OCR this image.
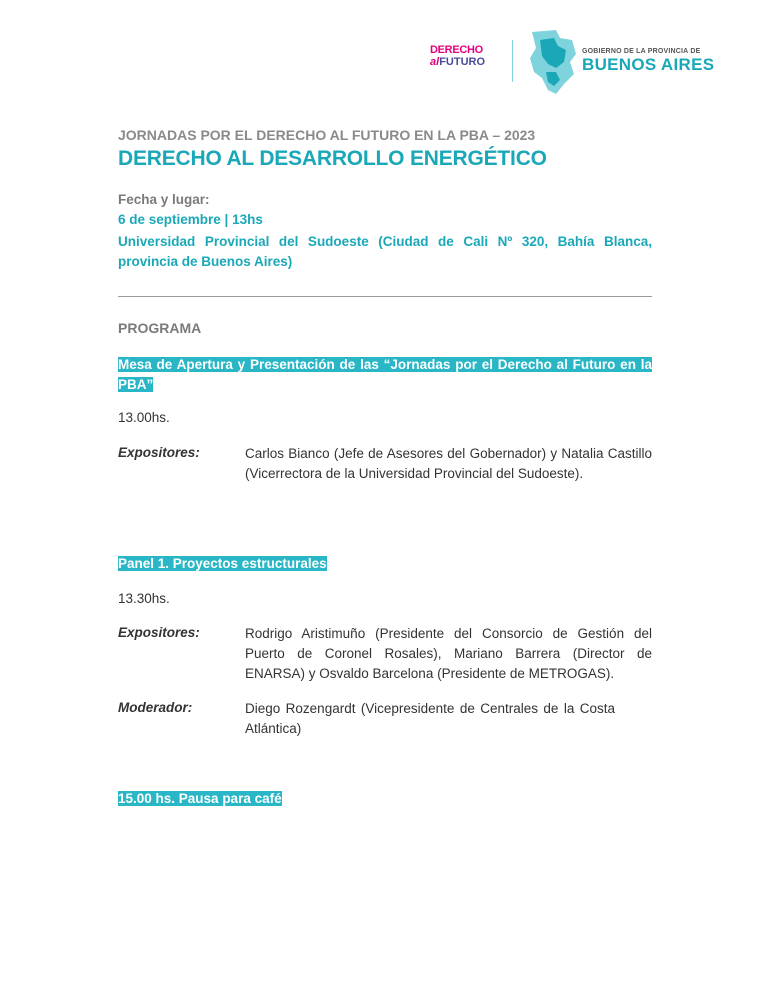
DERECHO
alFUTURO
GOBIERNO DE LA PROVINCIA DE
BUENOS AIRES
JORNADAS POR EL DERECHO AL FUTURO EN LA PBA – 2023
DERECHO AL DESARROLLO ENERGÉTICO
Fecha y lugar:
6 de septiembre | 13hs
Universidad Provincial del Sudoeste (Ciudad de Cali Nº 320, Bahía Blanca, provincia de Buenos Aires)
PROGRAMA
Mesa de Apertura y Presentación de las “Jornadas por el Derecho al Futuro en la PBA”
13.00hs.
Expositores:	Carlos Bianco (Jefe de Asesores del Gobernador) y Natalia Castillo (Vicerrectora de la Universidad Provincial del Sudoeste).
Panel 1. Proyectos estructurales
13.30hs.
Expositores:	Rodrigo Aristimuño (Presidente del Consorcio de Gestión del Puerto de Coronel Rosales), Mariano Barrera (Director de ENARSA) y Osvaldo Barcelona (Presidente de METROGAS).
Moderador:	Diego Rozengardt (Vicepresidente de Centrales de la Costa Atlántica)
15.00 hs. Pausa para café
